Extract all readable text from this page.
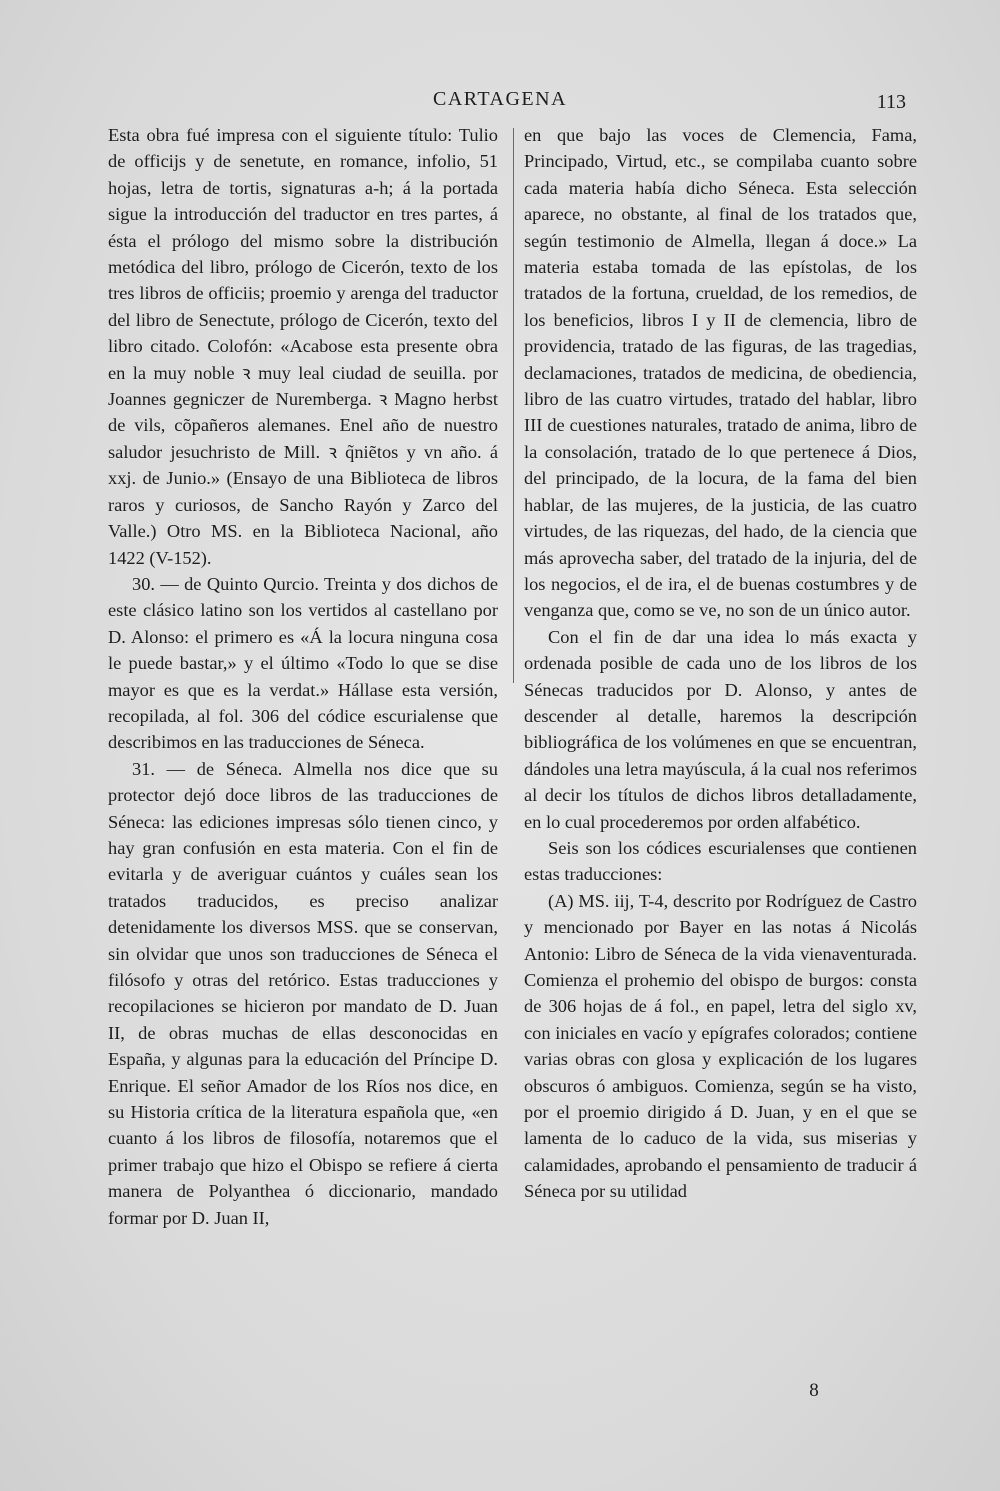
CARTAGENA	113

Esta obra fué impresa con el siguiente título: Tulio de officijs y de senetute, en romance, infolio, 51 hojas, letra de tortis, signaturas a-h; á la portada sigue la introducción del traductor en tres partes, á ésta el prólogo del mismo sobre la distribución metódica del libro, prólogo de Cicerón, texto de los tres libros de officiis; proemio y arenga del traductor del libro de Senectute, prólogo de Cicerón, texto del libro citado. Colofón: «Acabose esta presente obra en la muy noble ꝛ muy leal ciudad de seuilla. por Joannes gegniczer de Nuremberga. ꝛ Magno herbst de vils, cõpañeros alemanes. Enel año de nuestro saludor jesuchristo de Mill. ꝛ q̃niẽtos y vn año. á xxj. de Junio.» (Ensayo de una Biblioteca de libros raros y curiosos, de Sancho Rayón y Zarco del Valle.) Otro MS. en la Biblioteca Nacional, año 1422 (V-152).

30. — de Quinto Qurcio. Treinta y dos dichos de este clásico latino son los vertidos al castellano por D. Alonso: el primero es «Á la locura ninguna cosa le puede bastar,» y el último «Todo lo que se dise mayor es que es la verdat.» Hállase esta versión, recopilada, al fol. 306 del códice escurialense que describimos en las traducciones de Séneca.

31. — de Séneca. Almella nos dice que su protector dejó doce libros de las traducciones de Séneca: las ediciones impresas sólo tienen cinco, y hay gran confusión en esta materia. Con el fin de evitarla y de averiguar cuántos y cuáles sean los tratados traducidos, es preciso analizar detenidamente los diversos MSS. que se conservan, sin olvidar que unos son traducciones de Séneca el filósofo y otras del retórico. Estas traducciones y recopilaciones se hicieron por mandato de D. Juan II, de obras muchas de ellas desconocidas en España, y algunas para la educación del Príncipe D. Enrique. El señor Amador de los Ríos nos dice, en su Historia crítica de la literatura española que, «en cuanto á los libros de filosofía, notaremos que el primer trabajo que hizo el Obispo se refiere á cierta manera de Polyanthea ó diccionario, mandado formar por D. Juan II,

en que bajo las voces de Clemencia, Fama, Principado, Virtud, etc., se compilaba cuanto sobre cada materia había dicho Séneca. Esta selección aparece, no obstante, al final de los tratados que, según testimonio de Almella, llegan á doce.» La materia estaba tomada de las epístolas, de los tratados de la fortuna, crueldad, de los remedios, de los beneficios, libros I y II de clemencia, libro de providencia, tratado de las figuras, de las tragedias, declamaciones, tratados de medicina, de obediencia, libro de las cuatro virtudes, tratado del hablar, libro III de cuestiones naturales, tratado de anima, libro de la consolación, tratado de lo que pertenece á Dios, del principado, de la locura, de la fama del bien hablar, de las mujeres, de la justicia, de las cuatro virtudes, de las riquezas, del hado, de la ciencia que más aprovecha saber, del tratado de la injuria, del de los negocios, el de ira, el de buenas costumbres y de venganza que, como se ve, no son de un único autor.

Con el fin de dar una idea lo más exacta y ordenada posible de cada uno de los libros de los Sénecas traducidos por D. Alonso, y antes de descender al detalle, haremos la descripción bibliográfica de los volúmenes en que se encuentran, dándoles una letra mayúscula, á la cual nos referimos al decir los títulos de dichos libros detalladamente, en lo cual procederemos por orden alfabético.

Seis son los códices escurialenses que contienen estas traducciones:

(A) MS. iij, T-4, descrito por Rodríguez de Castro y mencionado por Bayer en las notas á Nicolás Antonio: Libro de Séneca de la vida vienaventurada. Comienza el prohemio del obispo de burgos: consta de 306 hojas de á fol., en papel, letra del siglo xv, con iniciales en vacío y epígrafes colorados; contiene varias obras con glosa y explicación de los lugares obscuros ó ambiguos. Comienza, según se ha visto, por el proemio dirigido á D. Juan, y en el que se lamenta de lo caduco de la vida, sus miserias y calamidades, aprobando el pensamiento de traducir á Séneca por su utilidad

8
